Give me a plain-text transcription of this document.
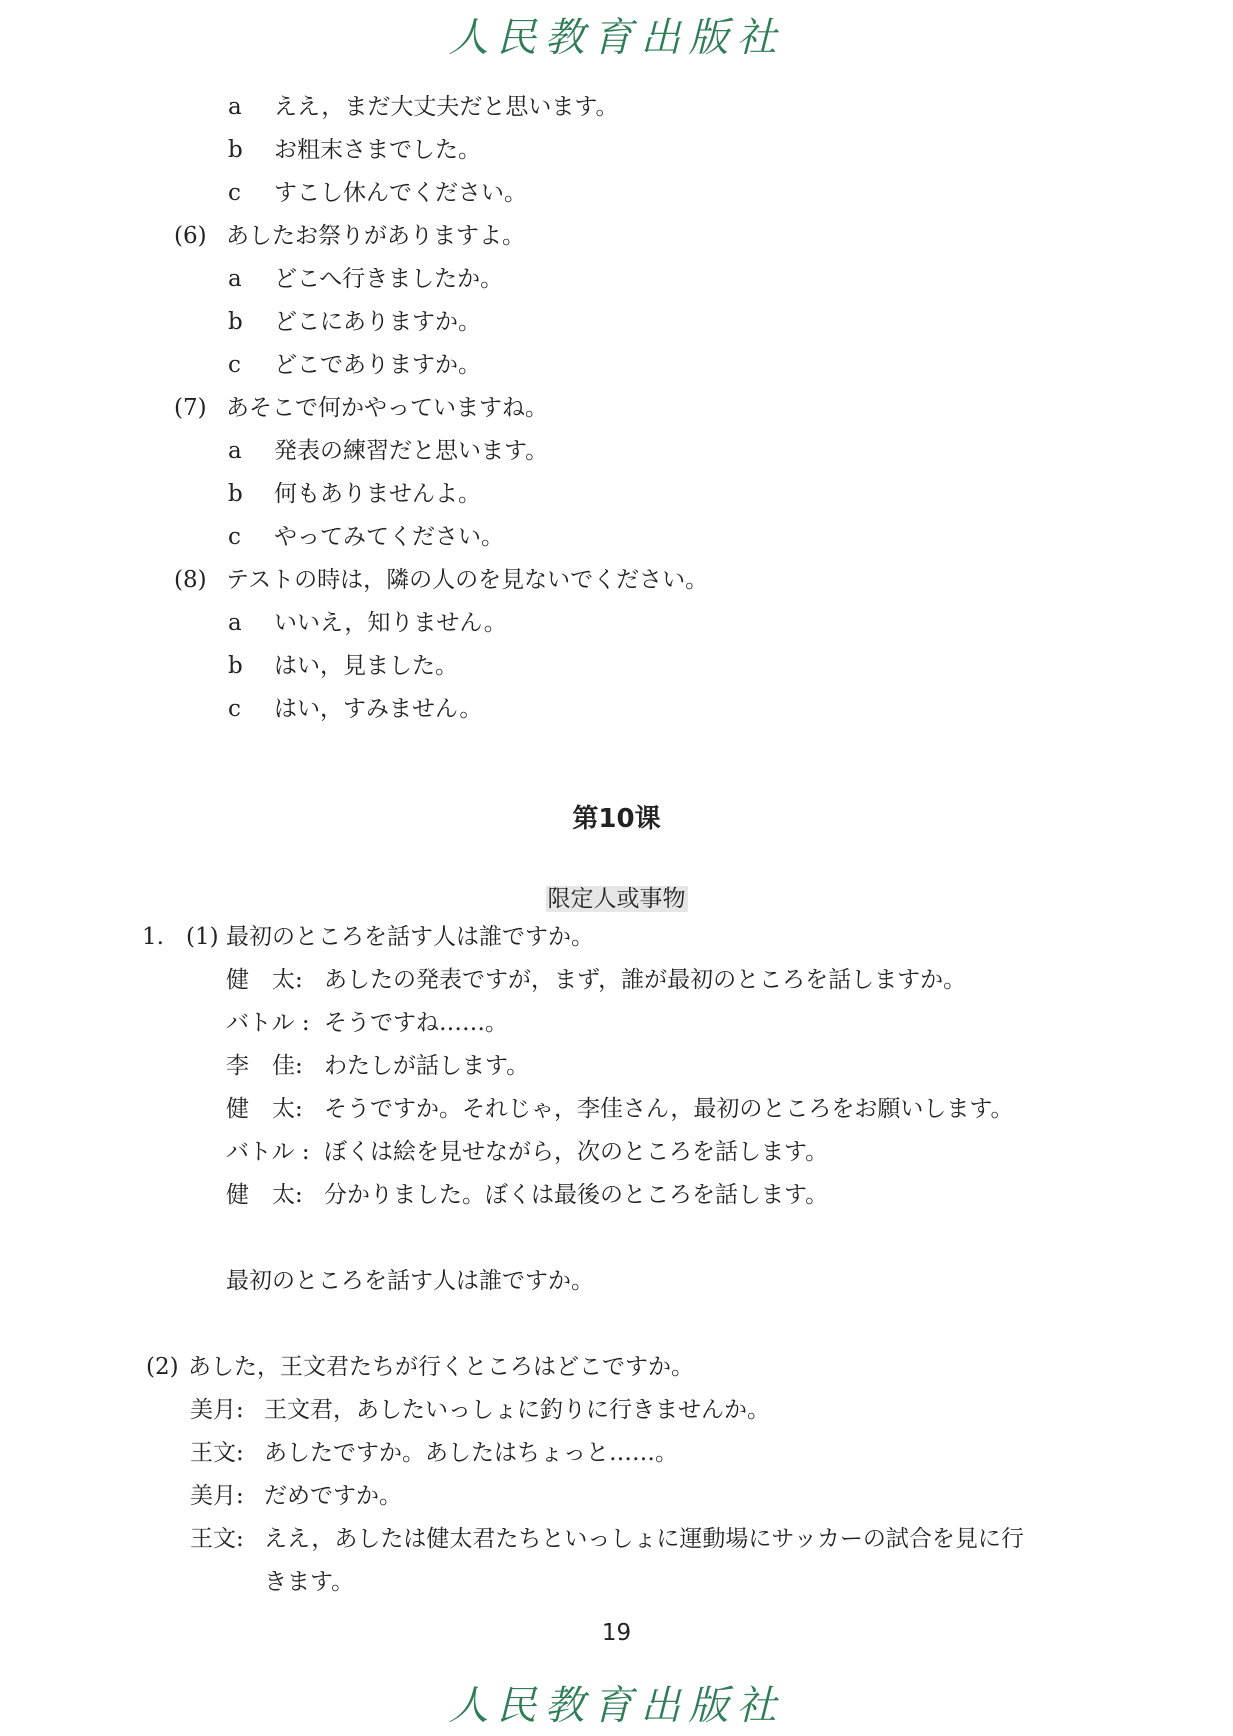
人民教育出版社
a ええ，まだ大丈夫だと思います。
b お粗末さまでした。
c すこし休んでください。
(6) あしたお祭りがありますよ。
a どこへ行きましたか。
b どこにありますか。
c どこでありますか。
(7) あそこで何かやっていますね。
a 発表の練習だと思います。
b 何もありませんよ。
c やってみてください。
(8) テストの時は，隣の人のを見ないでください。
a いいえ，知りません。
b はい，見ました。
c はい，すみません。
第10课
限定人或事物
1. (1) 最初のところを話す人は誰ですか。
健　太: あしたの発表ですが，まず，誰が最初のところを話しますか。
バトル : そうですね……。
李　佳: わたしが話します。
健　太: そうですか。それじゃ，李佳さん，最初のところをお願いします。
バトル : ぼくは絵を見せながら，次のところを話します。
健　太: 分かりました。ぼくは最後のところを話します。
最初のところを話す人は誰ですか。
(2) あした，王文君たちが行くところはどこですか。
美月: 王文君，あしたいっしょに釣りに行きませんか。
王文: あしたですか。あしたはちょっと……。
美月: だめですか。
王文: ええ，あしたは健太君たちといっしょに運動場にサッカーの試合を見に行
きます。
19
人民教育出版社
